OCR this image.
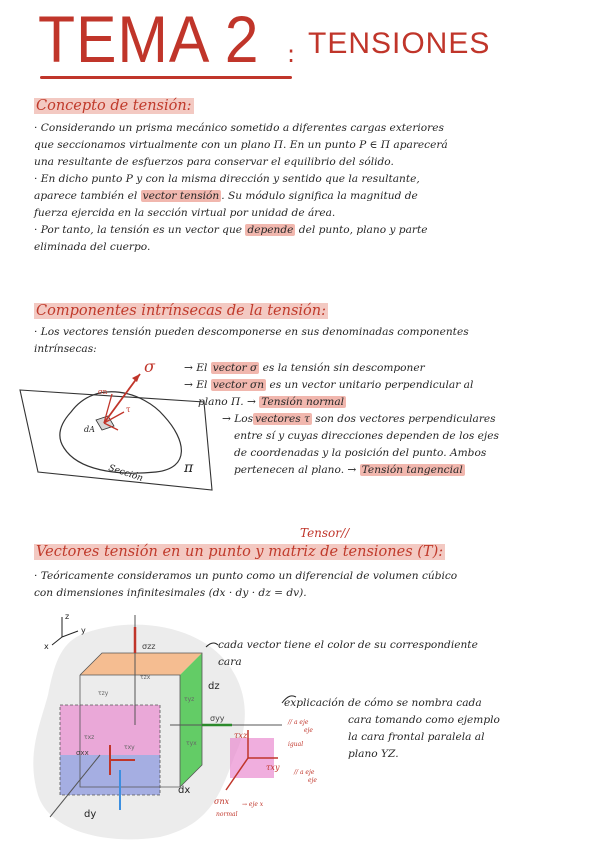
TEMA 2 : TENSIONES
Concepto de tensión:
· Considerando un prisma mecánico sometido a diferentes cargas exteriores
que seccionamos virtualmente con un plano Π. En un punto P ∈ Π aparecerá
una resultante de esfuerzos para conservar el equilibrio del sólido.
· En dicho punto P y con la misma dirección y sentido que la resultante,
aparece también el vector tensión . Su módulo significa la magnitud de
fuerza ejercida en la sección virtual por unidad de área.
· Por tanto, la tensión es un vector que depende del punto, plano y parte
eliminada del cuerpo.
Componentes intrínsecas de la tensión:
· Los vectores tensión pueden descomponerse en sus denominadas componentes
intrínsecas:
σ
σn
τ
dA
Sección	π
→ El vector σ es la tensión sin descomponer
→ El vector σn es un vector unitario perpendicular al
plano Π. → Tensión normal
→ Los vectores τ son dos vectores perpendiculares
entre sí y cuyas direcciones dependen de los ejes
de coordenadas y la posición del punto. Ambos
pertenecen al plano. → Tensión tangencial
Tensor//
Vectores tensión en un punto y matriz de tensiones (T):
· Teóricamente consideramos un punto como un diferencial de volumen cúbico
con dimensiones infinitesimales (dx · dy · dz = dv).
z
y
x	σzz
σyy
σxx
τzx
τzy
τxz
τyz
τxy
τyx
dz
dx
dy
τxz
τxy
σnx → eje x
normal
// a eje
eje
igual
// a eje
eje
cada vector tiene el color de su correspondiente
cara
explicación de cómo se nombra cada
cara tomando como ejemplo
la cara frontal paralela al
plano YZ.
